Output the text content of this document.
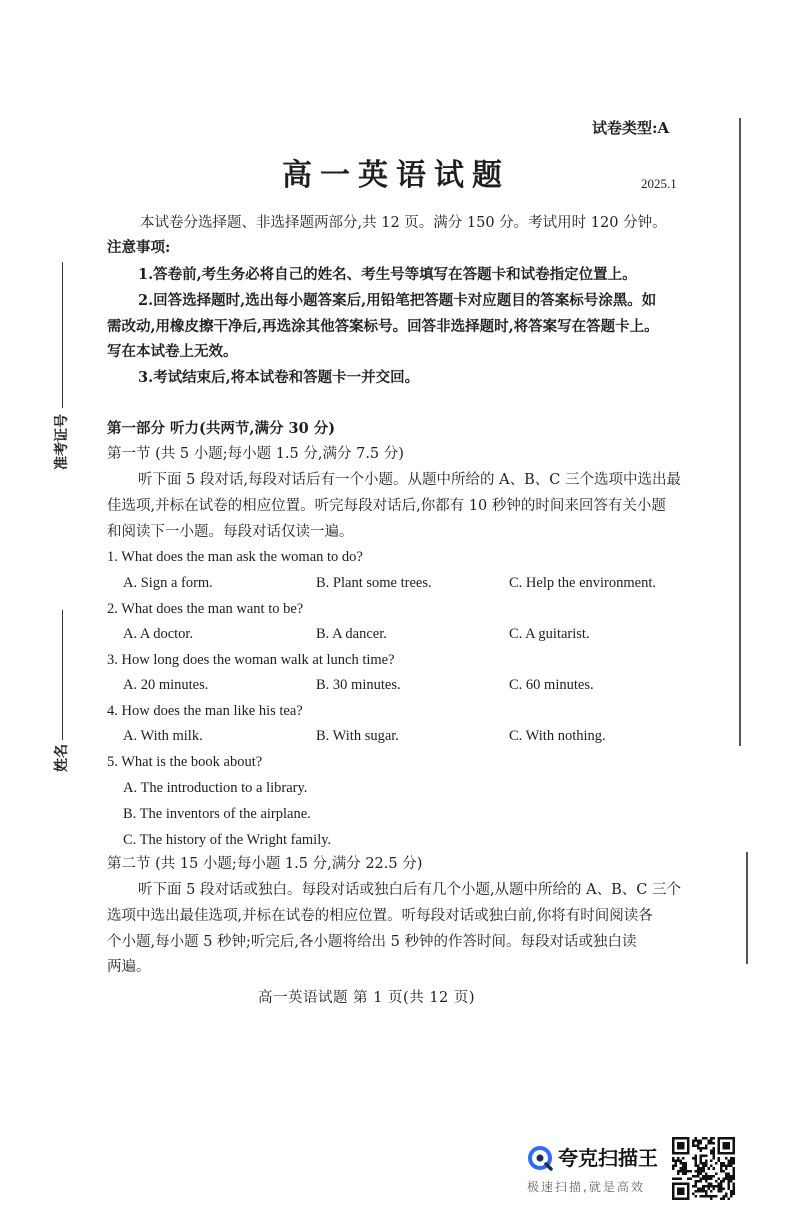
试卷类型:A
高一英语试题	2025.1
本试卷分选择题、非选择题两部分,共 12 页。满分 150 分。考试用时 120 分钟。
注意事项:
1.答卷前,考生务必将自己的姓名、考生号等填写在答题卡和试卷指定位置上。
2.回答选择题时,选出每小题答案后,用铅笔把答题卡对应题目的答案标号涂黑。如
需改动,用橡皮擦干净后,再选涂其他答案标号。回答非选择题时,将答案写在答题卡上。
写在本试卷上无效。
3.考试结束后,将本试卷和答题卡一并交回。
第一部分 听力(共两节,满分 30 分)
第一节 (共 5 小题;每小题 1.5 分,满分 7.5 分)
听下面 5 段对话,每段对话后有一个小题。从题中所给的 A、B、C 三个选项中选出最
佳选项,并标在试卷的相应位置。听完每段对话后,你都有 10 秒钟的时间来回答有关小题
和阅读下一小题。每段对话仅读一遍。
1. What does the man ask the woman to do?
A. Sign a form.	B. Plant some trees.	C. Help the environment.
2. What does the man want to be?
A. A doctor.	B. A dancer.	C. A guitarist.
3. How long does the woman walk at lunch time?
A. 20 minutes.	B. 30 minutes.	C. 60 minutes.
4. How does the man like his tea?
A. With milk.	B. With sugar.	C. With nothing.
5. What is the book about?
A. The introduction to a library.
B. The inventors of the airplane.
C. The history of the Wright family.
第二节 (共 15 小题;每小题 1.5 分,满分 22.5 分)
听下面 5 段对话或独白。每段对话或独白后有几个小题,从题中所给的 A、B、C 三个
选项中选出最佳选项,并标在试卷的相应位置。听每段对话或独白前,你将有时间阅读各
个小题,每小题 5 秒钟;听完后,各小题将给出 5 秒钟的作答时间。每段对话或独白读
两遍。
高一英语试题 第 1 页(共 12 页)
准考证号
姓名
夸克扫描王
极速扫描,就是高效
